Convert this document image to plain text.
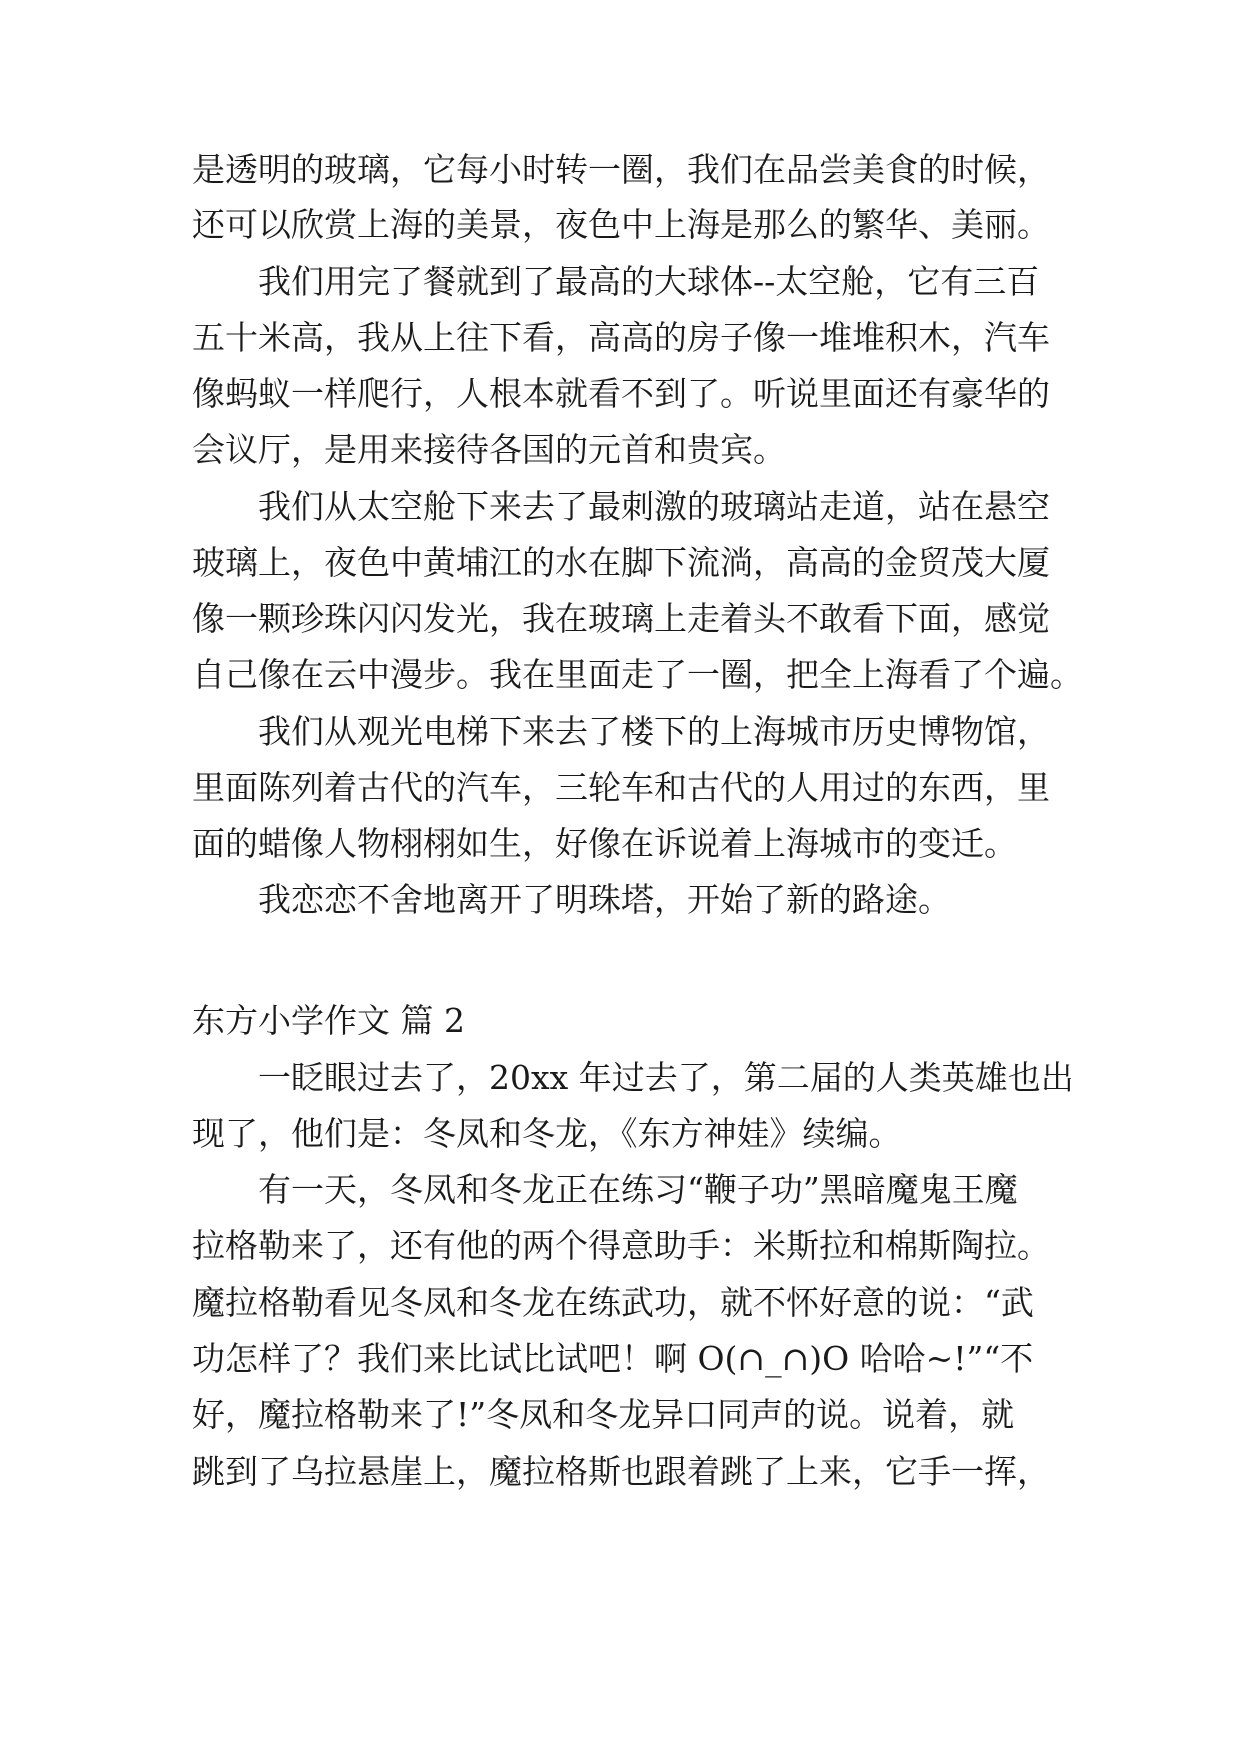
是透明的玻璃，它每小时转一圈，我们在品尝美食的时候，
还可以欣赏上海的美景，夜色中上海是那么的繁华、美丽。
我们用完了餐就到了最高的大球体--太空舱，它有三百
五十米高，我从上往下看，高高的房子像一堆堆积木，汽车
像蚂蚁一样爬行，人根本就看不到了。听说里面还有豪华的
会议厅，是用来接待各国的元首和贵宾。
我们从太空舱下来去了最刺激的玻璃站走道，站在悬空
玻璃上，夜色中黄埔江的水在脚下流淌，高高的金贸茂大厦
像一颗珍珠闪闪发光，我在玻璃上走着头不敢看下面，感觉
自己像在云中漫步。我在里面走了一圈，把全上海看了个遍。
我们从观光电梯下来去了楼下的上海城市历史博物馆，
里面陈列着古代的汽车，三轮车和古代的人用过的东西，里
面的蜡像人物栩栩如生，好像在诉说着上海城市的变迁。
我恋恋不舍地离开了明珠塔，开始了新的路途。
东方小学作文 篇 2
一眨眼过去了，20xx 年过去了，第二届的人类英雄也出
现了，他们是：冬凤和冬龙，《东方神娃》续编。
有一天，冬凤和冬龙正在练习“鞭子功”黑暗魔鬼王魔
拉格勒来了，还有他的两个得意助手：米斯拉和棉斯陶拉。
魔拉格勒看见冬凤和冬龙在练武功，就不怀好意的说：“武
功怎样了？我们来比试比试吧！啊 O(∩_∩)O 哈哈~!”“不
好，魔拉格勒来了!”冬凤和冬龙异口同声的说。说着，就
跳到了乌拉悬崖上，魔拉格斯也跟着跳了上来，它手一挥，
